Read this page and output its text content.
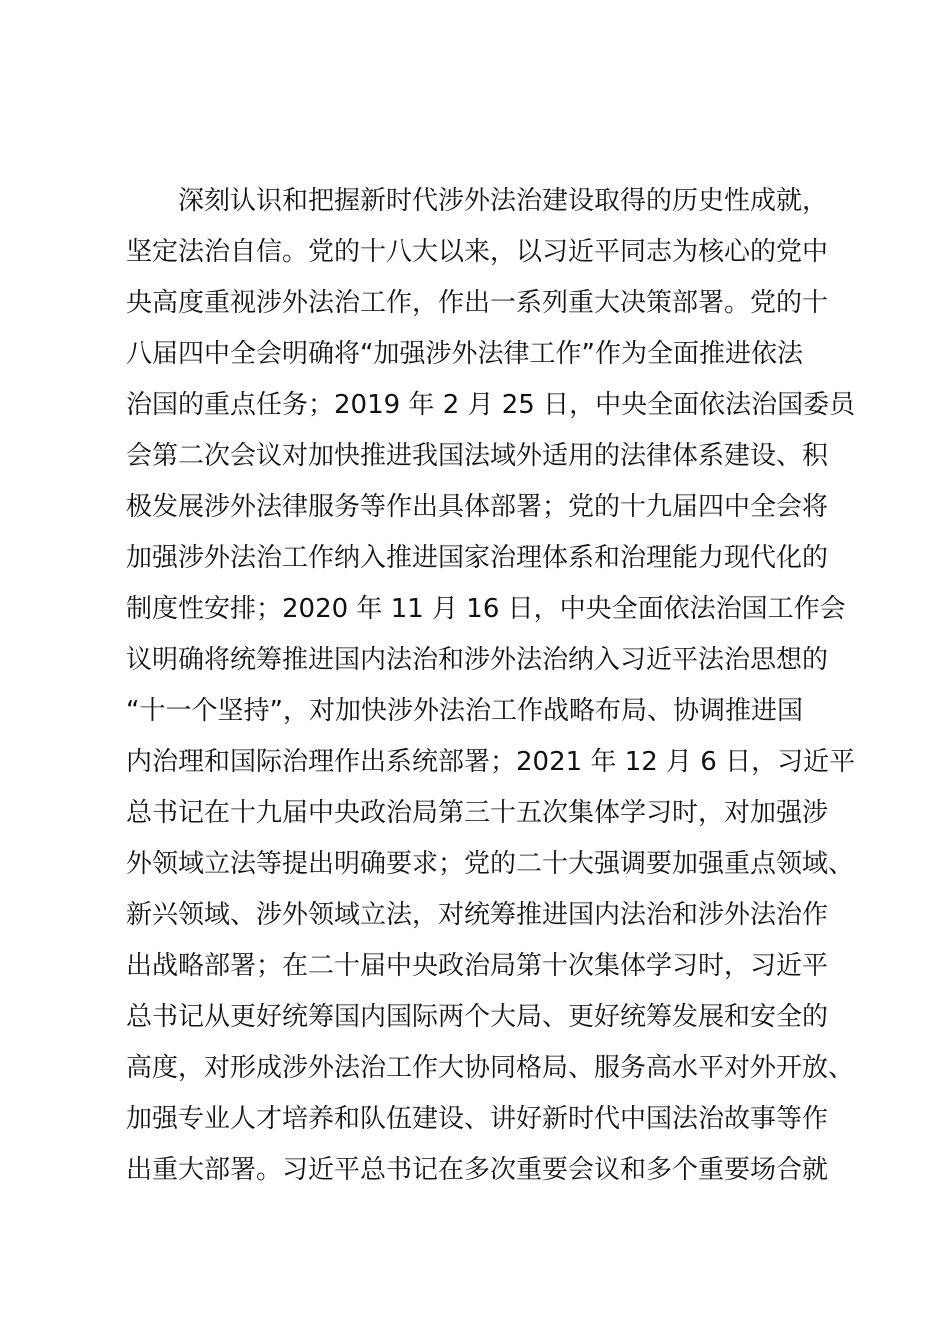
深刻认识和把握新时代涉外法治建设取得的历史性成就，
坚定法治自信。党的十八大以来，以习近平同志为核心的党中
央高度重视涉外法治工作，作出一系列重大决策部署。党的十
八届四中全会明确将“加强涉外法律工作”作为全面推进依法
治国的重点任务；2019 年 2 月 25 日，中央全面依法治国委员
会第二次会议对加快推进我国法域外适用的法律体系建设、积
极发展涉外法律服务等作出具体部署；党的十九届四中全会将
加强涉外法治工作纳入推进国家治理体系和治理能力现代化的
制度性安排；2020 年 11 月 16 日，中央全面依法治国工作会
议明确将统筹推进国内法治和涉外法治纳入习近平法治思想的
“十一个坚持”，对加快涉外法治工作战略布局、协调推进国
内治理和国际治理作出系统部署；2021 年 12 月 6 日，习近平
总书记在十九届中央政治局第三十五次集体学习时，对加强涉
外领域立法等提出明确要求；党的二十大强调要加强重点领域、
新兴领域、涉外领域立法，对统筹推进国内法治和涉外法治作
出战略部署；在二十届中央政治局第十次集体学习时，习近平
总书记从更好统筹国内国际两个大局、更好统筹发展和安全的
高度，对形成涉外法治工作大协同格局、服务高水平对外开放、
加强专业人才培养和队伍建设、讲好新时代中国法治故事等作
出重大部署。习近平总书记在多次重要会议和多个重要场合就
